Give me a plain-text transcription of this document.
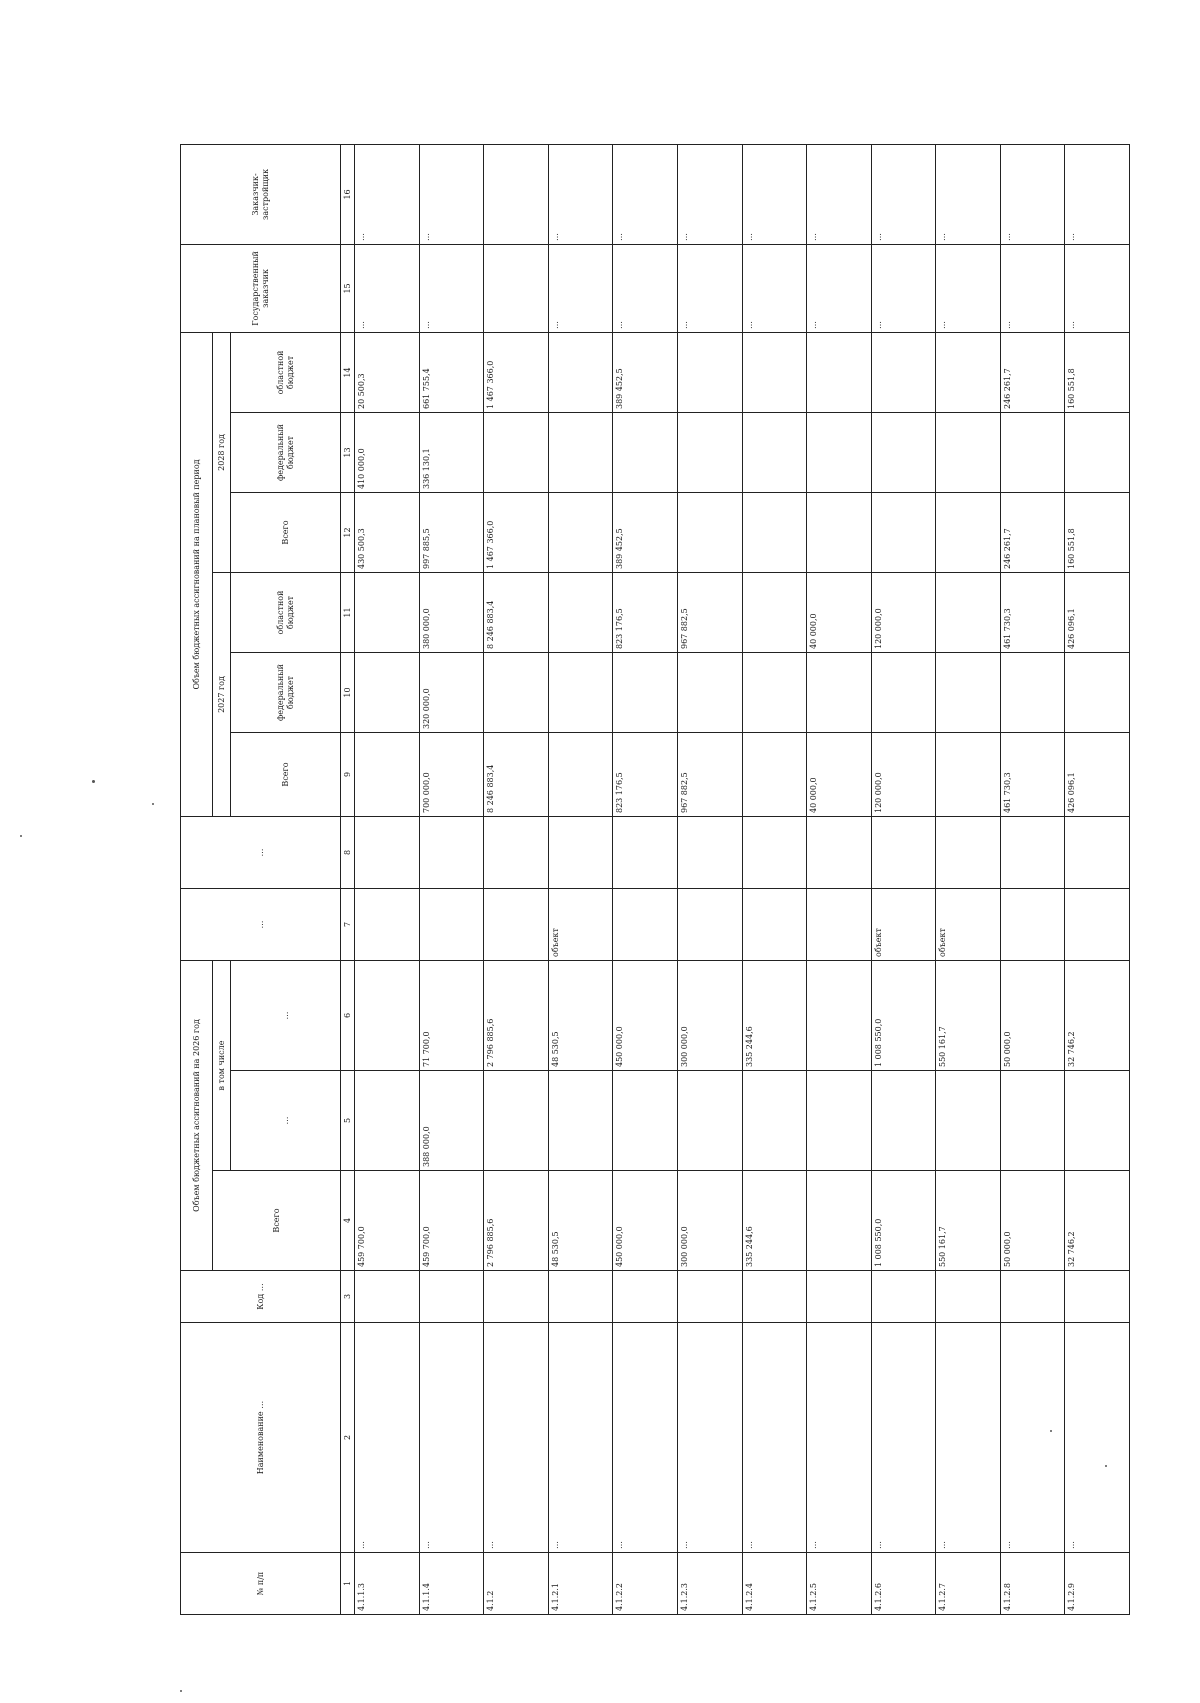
№ п/п	Наименование …	Код …	Объем бюджетных ассигнований на 2026 год			…	…	Объем бюджетных ассигнований на плановый период						Государственный заказчик	Заказчик-застройщик
			Всего	в том числе				2027 год			2028 год				
				…	…			Всего	федеральный бюджет	областной бюджет	Всего	федеральный бюджет	областной бюджет		
1	2	3	4	5	6	7	8	9	10	11	12	13	14	15	16
4.1.1.3	…		459 700,0								430 500,3	410 000,0	20 500,3	…	…
4.1.1.4	…		459 700,0	388 000,0	71 700,0			700 000,0	320 000,0	380 000,0	997 885,5	336 130,1	661 755,4	…	…
4.1.2	…		2 796 885,6		2 796 885,6			8 246 883,4		8 246 883,4	1 467 366,0		1 467 366,0		
4.1.2.1	…		48 530,5		48 530,5	объект								…	…
4.1.2.2	…		450 000,0		450 000,0			823 176,5		823 176,5	389 452,5		389 452,5	…	…
4.1.2.3	…		300 000,0		300 000,0			967 882,5		967 882,5				…	…
4.1.2.4	…		335 244,6		335 244,6									…	…
4.1.2.5	…							40 000,0		40 000,0				…	…
4.1.2.6	…		1 008 550,0		1 008 550,0	объект		120 000,0		120 000,0				…	…
4.1.2.7	…		550 161,7		550 161,7	объект								…	…
4.1.2.8	…		50 000,0		50 000,0			461 730,3		461 730,3	246 261,7		246 261,7	…	…
4.1.2.9	…		32 746,2		32 746,2			426 096,1		426 096,1	160 551,8		160 551,8	…	…
